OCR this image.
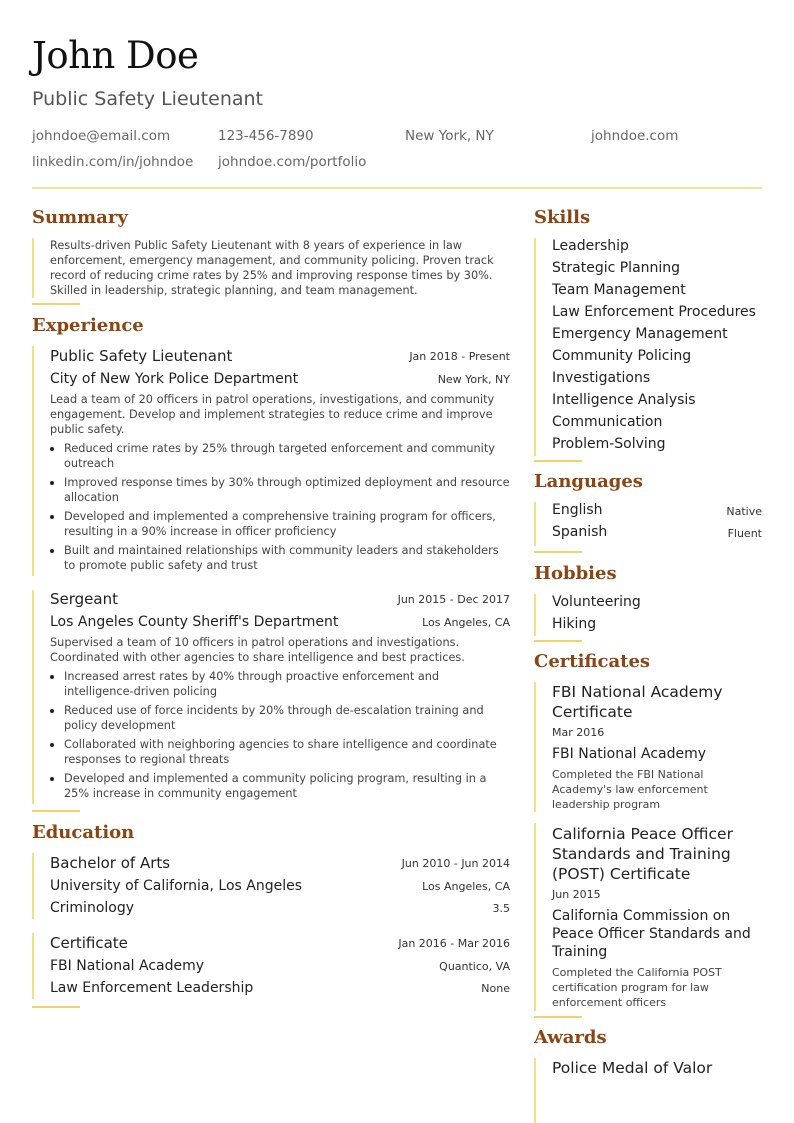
John Doe
Public Safety Lieutenant
johndoe@email.com	123-456-7890	New York, NY	johndoe.com
linkedin.com/in/johndoe johndoe.com/portfolio
Summary
Results-driven Public Safety Lieutenant with 8 years of experience in law enforcement, emergency management, and community policing. Proven track record of reducing crime rates by 25% and improving response times by 30%. Skilled in leadership, strategic planning, and team management.
Experience
Public Safety Lieutenant	Jan 2018 - Present
City of New York Police Department	New York, NY
Lead a team of 20 officers in patrol operations, investigations, and community engagement. Develop and implement strategies to reduce crime and improve public safety.
Reduced crime rates by 25% through targeted enforcement and community outreach
Improved response times by 30% through optimized deployment and resource allocation
Developed and implemented a comprehensive training program for officers, resulting in a 90% increase in officer proficiency
Built and maintained relationships with community leaders and stakeholders to promote public safety and trust
Sergeant	Jun 2015 - Dec 2017
Los Angeles County Sheriff's Department	Los Angeles, CA
Supervised a team of 10 officers in patrol operations and investigations. Coordinated with other agencies to share intelligence and best practices.
Increased arrest rates by 40% through proactive enforcement and intelligence-driven policing
Reduced use of force incidents by 20% through de-escalation training and policy development
Collaborated with neighboring agencies to share intelligence and coordinate responses to regional threats
Developed and implemented a community policing program, resulting in a 25% increase in community engagement
Education
Bachelor of Arts	Jun 2010 - Jun 2014
University of California, Los Angeles	Los Angeles, CA
Criminology	3.5
Certificate	Jan 2016 - Mar 2016
FBI National Academy	Quantico, VA
Law Enforcement Leadership	None
Skills
Leadership
Strategic Planning
Team Management
Law Enforcement Procedures
Emergency Management
Community Policing
Investigations
Intelligence Analysis
Communication
Problem-Solving
Languages
English	Native
Spanish	Fluent
Hobbies
Volunteering
Hiking
Certificates
FBI National Academy Certificate
Mar 2016
FBI National Academy
Completed the FBI National Academy's law enforcement leadership program
California Peace Officer Standards and Training (POST) Certificate
Jun 2015
California Commission on Peace Officer Standards and Training
Completed the California POST certification program for law enforcement officers
Awards
Police Medal of Valor
